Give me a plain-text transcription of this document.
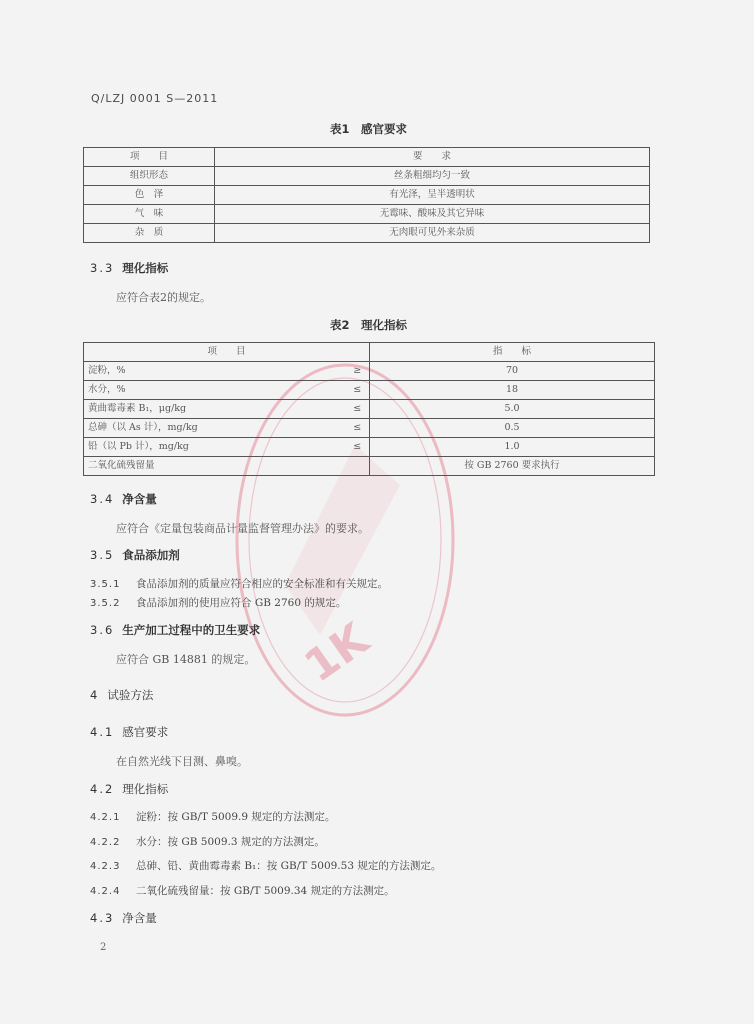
1K
Q/LZJ 0001 S—2011
表1　感官要求
项　　目	要　　求
组织形态	丝条粗细均匀一致
色　泽	有光泽，呈半透明状
气　味	无霉味、酸味及其它异味
杂　质	无肉眼可见外来杂质
3.3 理化指标
应符合表2的规定。
表2　理化指标
项　　目		指　　标
淀粉，%	≥	70
水分，%	≤	18
黄曲霉毒素 B₁，μg/kg	≤	5.0
总砷（以 As 计），mg/kg	≤	0.5
铅（以 Pb 计），mg/kg	≤	1.0
二氧化硫残留量		按 GB 2760 要求执行
3.4 净含量
应符合《定量包装商品计量监督管理办法》的要求。
3.5 食品添加剂
3.5.1 食品添加剂的质量应符合相应的安全标准和有关规定。
3.5.2 食品添加剂的使用应符合 GB 2760 的规定。
3.6 生产加工过程中的卫生要求
应符合 GB 14881 的规定。
4 试验方法
4.1 感官要求
在自然光线下目测、鼻嗅。
4.2 理化指标
4.2.1 淀粉：按 GB/T 5009.9 规定的方法测定。
4.2.2 水分：按 GB 5009.3 规定的方法测定。
4.2.3 总砷、铅、黄曲霉毒素 B₁：按 GB/T 5009.53 规定的方法测定。
4.2.4 二氧化硫残留量：按 GB/T 5009.34 规定的方法测定。
4.3 净含量
2
